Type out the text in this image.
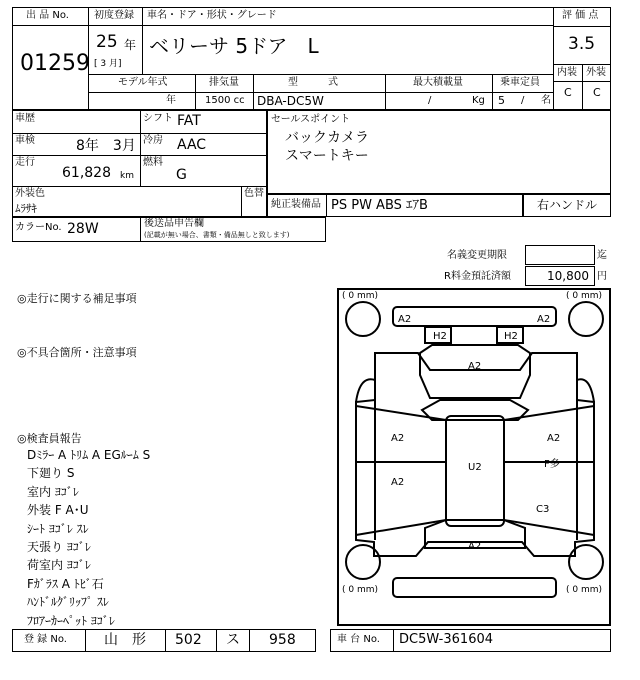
出 品 No.
01259
初度登録
25 年
[ 3 月]
車名・ドア・形状・グレード
ベリーサ 5ドア　L
評 価 点
3.5
内装 外装
C C
モデル年式
年
排気量
1500 cc
型　　　式
DBA-DC5W
最大積載量
/	Kg
乗車定員
5 / 名
車歴
車検	8年　3月
走行
61,828 km
シフト FAT
冷房 AAC
燃料
G
外装色
ﾑﾗｻｷ
色替
セールスポイント
バックカメラ
スマートキー
純正装備品 PS PW ABS ｴｱB	右ハンドル
カラーNo. 28W	後送品申告欄
(記載が無い場合、書類・備品無しと致します)
名義変更期限	迄
R料金預託済額	10,800 円
◎走行に関する補足事項
◎不具合箇所・注意事項
◎検査員報告
Dﾐﾗｰ A ﾄﾘﾑ A EGﾙｰﾑ S
下廻り S
室内 ﾖｺﾞﾚ
外装 F A･U
ｼｰﾄ ﾖｺﾞﾚ ｽﾚ
天張り ﾖｺﾞﾚ
荷室内 ﾖｺﾞﾚ
Fｶﾞﾗｽ A ﾄﾋﾞ石
ﾊﾝﾄﾞﾙｸﾞﾘｯﾌﾟ ｽﾚ
ﾌﾛｱｰｶｰﾍﾟｯﾄ ﾖｺﾞﾚ
( 0 mm)	( 0 mm)
( 0 mm)	( 0 mm)
A2	A2
H2	H2
A2
A2	A2
U2	F多
A2
C3
A2
登 録 No.	山　形 502 ス 958	車 台 No. DC5W-361604
